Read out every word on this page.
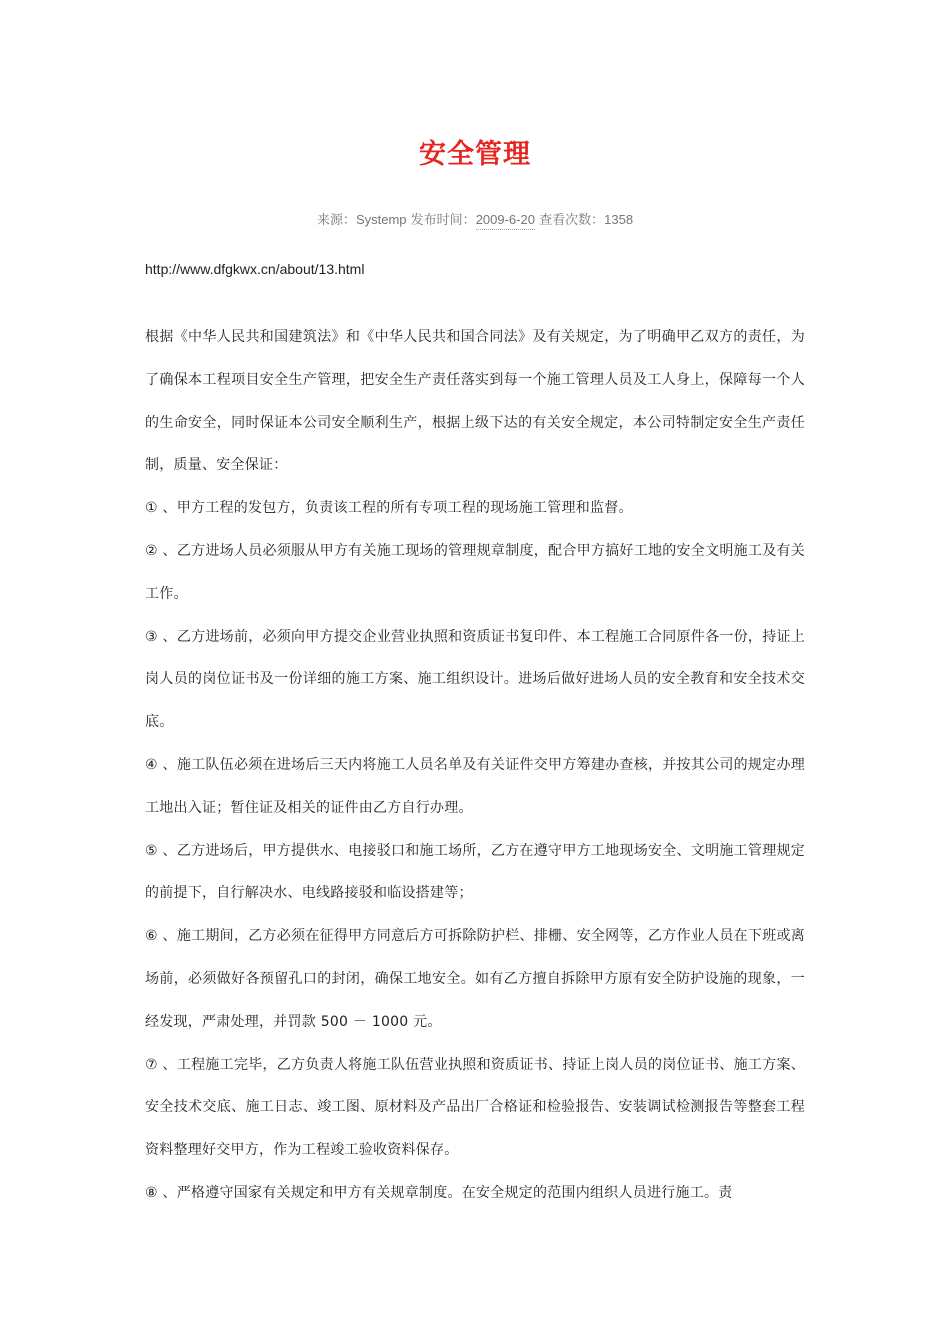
安全管理
来源：Systemp 发布时间：2009-6-20 查看次数：1358
http://www.dfgkwx.cn/about/13.html

根据《中华人民共和国建筑法》和《中华人民共和国合同法》及有关规定，为了明确甲乙双方的责任，为了确保本工程项目安全生产管理，把安全生产责任落实到每一个施工管理人员及工人身上，保障每一个人的生命安全，同时保证本公司安全顺利生产，根据上级下达的有关安全规定，本公司特制定安全生产责任制，质量、安全保证：

① 、甲方工程的发包方，负责该工程的所有专项工程的现场施工管理和监督。

② 、乙方进场人员必须服从甲方有关施工现场的管理规章制度，配合甲方搞好工地的安全文明施工及有关工作。

③ 、乙方进场前，必须向甲方提交企业营业执照和资质证书复印件、本工程施工合同原件各一份，持证上岗人员的岗位证书及一份详细的施工方案、施工组织设计。进场后做好进场人员的安全教育和安全技术交底。

④ 、施工队伍必须在进场后三天内将施工人员名单及有关证件交甲方筹建办查核，并按其公司的规定办理工地出入证；暂住证及相关的证件由乙方自行办理。

⑤ 、乙方进场后，甲方提供水、电接驳口和施工场所，乙方在遵守甲方工地现场安全、文明施工管理规定的前提下，自行解决水、电线路接驳和临设搭建等；

⑥ 、施工期间，乙方必须在征得甲方同意后方可拆除防护栏、排栅、安全网等，乙方作业人员在下班或离场前，必须做好各预留孔口的封闭，确保工地安全。如有乙方擅自拆除甲方原有安全防护设施的现象，一经发现，严肃处理，并罚款 500 － 1000 元。

⑦ 、工程施工完毕，乙方负责人将施工队伍营业执照和资质证书、持证上岗人员的岗位证书、施工方案、安全技术交底、施工日志、竣工图、原材料及产品出厂合格证和检验报告、安装调试检测报告等整套工程资料整理好交甲方，作为工程竣工验收资料保存。

⑧ 、严格遵守国家有关规定和甲方有关规章制度。在安全规定的范围内组织人员进行施工。责
